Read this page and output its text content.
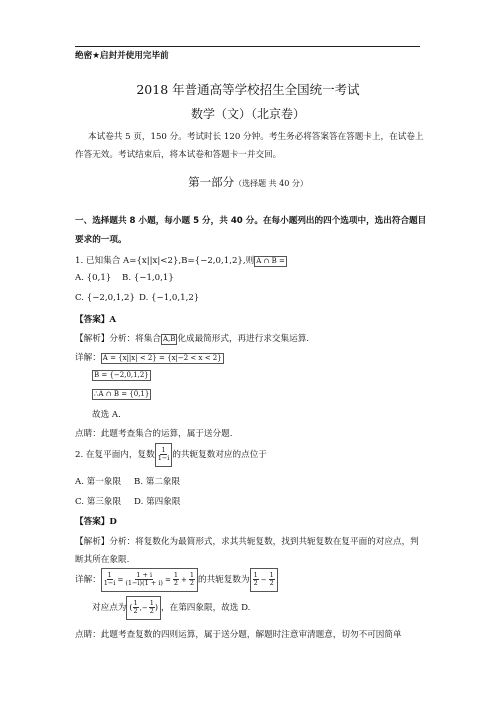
绝密★启封并使用完毕前
2018 年普通高等学校招生全国统一考试
数学（文）（北京卷）
本试卷共 5 页，150 分。考试时长 120 分钟。考生务必将答案答在答题卡上，在试卷上
作答无效。考试结束后，将本试卷和答题卡一并交回。
第一部分（选择题 共 40 分）
一、选择题共 8 小题，每小题 5 分，共 40 分。在每小题列出的四个选项中，选出符合题目
要求的一项。
1. 已知集合 A={x||x|<2},B={−2,0,1,2},则 A ∩ B =
A. {0,1} B. {−1,0,1}
C. {−2,0,1,2} D. {−1,0,1,2}
【答案】A
【解析】分析：将集合 A,B 化成最简形式，再进行求交集运算.
详解： A = {x||x| < 2} = {x|−2 < x < 2}
B = {−2,0,1,2}
∴A ∩ B = {0,1}
故选 A.
点睛：此题考查集合的运算，属于送分题.
2. 在复平面内，复数 $\frac{1}{1-i}$ 的共轭复数对应的点位于
A. 第一象限 B. 第二象限
C. 第三象限 D. 第四象限
【答案】D
【解析】分析：将复数化为最简形式，求其共轭复数，找到共轭复数在复平面的对应点，判
断其所在象限.
详解： $\frac{1}{1-i} = \frac{1 + i}{(1-i)(1 + i)} = \frac{1}{2} + \frac{1}{2}$ 的共轭复数为 $\frac{1}{2} - \frac{1}{2}$
对应点为 ( $\frac{1}{2}$ ,− $\frac{1}{2}$ ) ，在第四象限，故选 D.
点睛：此题考查复数的四则运算，属于送分题，解题时注意审清题意，切勿不可因简单
